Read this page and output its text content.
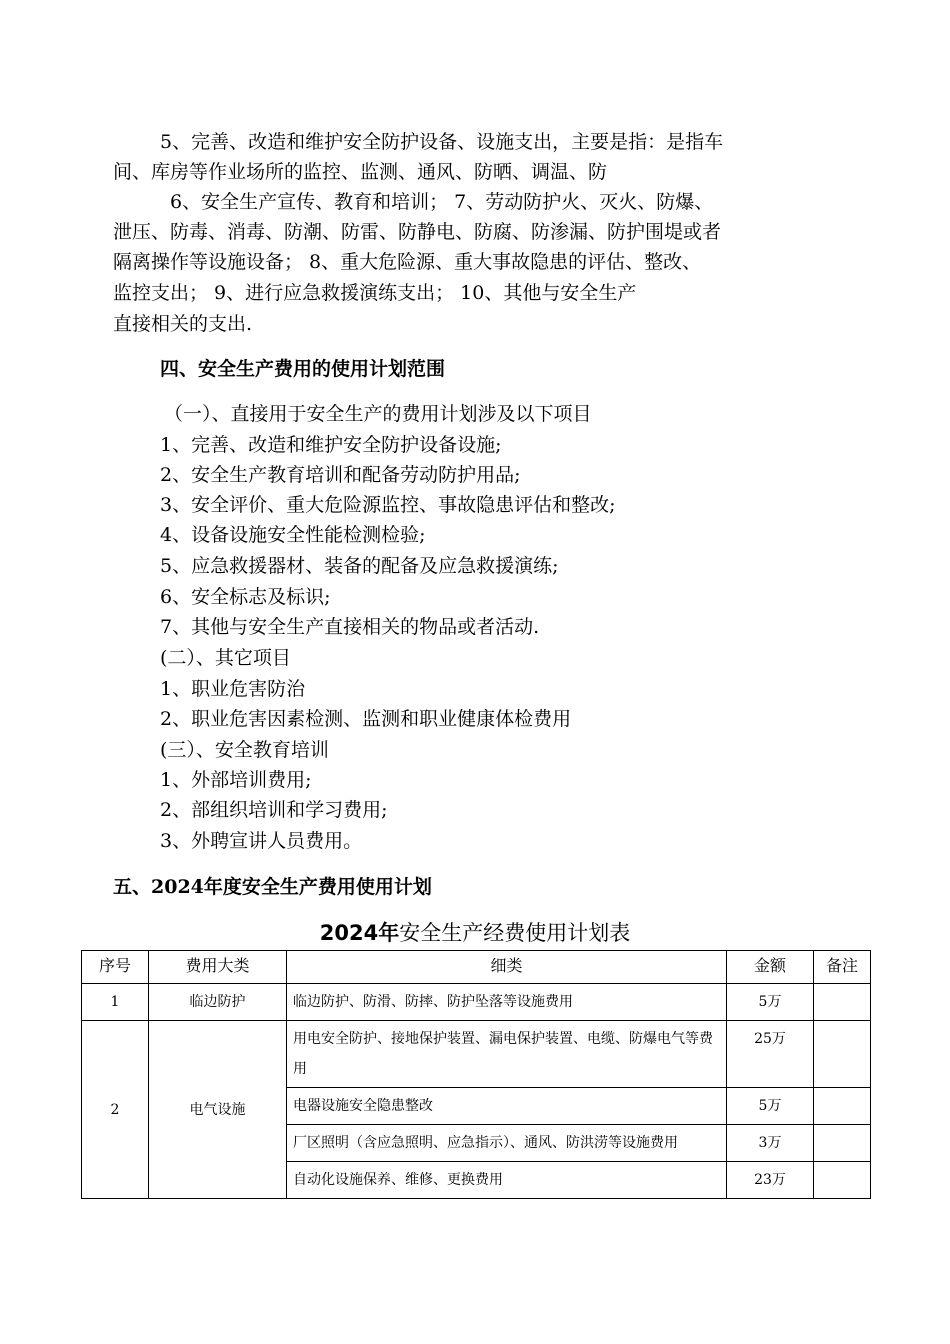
5、完善、改造和维护安全防护设备、设施支出，主要是指：是指车
间、库房等作业场所的监控、监测、通风、防晒、调温、防
6、安全生产宣传、教育和培训； 7、劳动防护火、灭火、防爆、
泄压、防毒、消毒、防潮、防雷、防静电、防腐、防渗漏、防护围堤或者
隔离操作等设施设备； 8、重大危险源、重大事故隐患的评估、整改、
监控支出； 9、进行应急救援演练支出； 10、其他与安全生产
直接相关的支出.
四、安全生产费用的使用计划范围
（一）、直接用于安全生产的费用计划涉及以下项目
1、完善、改造和维护安全防护设备设施;
2、安全生产教育培训和配备劳动防护用品;
3、安全评价、重大危险源监控、事故隐患评估和整改;
4、设备设施安全性能检测检验;
5、应急救援器材、装备的配备及应急救援演练;
6、安全标志及标识;
7、其他与安全生产直接相关的物品或者活动.
(二）、其它项目
1、职业危害防治
2、职业危害因素检测、监测和职业健康体检费用
(三）、安全教育培训
1、外部培训费用;
2、部组织培训和学习费用;
3、外聘宣讲人员费用。
五、2024年度安全生产费用使用计划
2024年安全生产经费使用计划表
序号	费用大类	细类	金额	备注
1	临边防护	临边防护、防滑、防摔、防护坠落等设施费用	5万	
2	电气设施	用电安全防护、接地保护装置、漏电保护装置、电缆、防爆电气等费用	25万	
		电器设施安全隐患整改	5万	
		厂区照明（含应急照明、应急指示）、通风、防洪涝等设施费用	3万	
		自动化设施保养、维修、更换费用	23万	
